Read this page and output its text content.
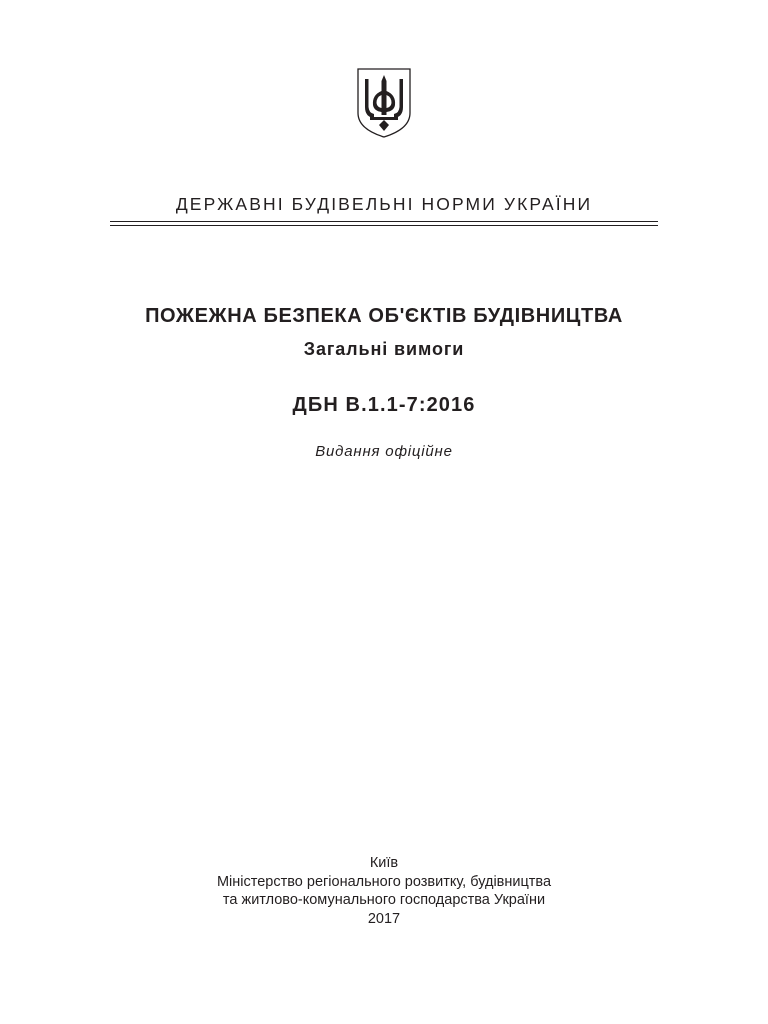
ДЕРЖАВНІ БУДІВЕЛЬНІ НОРМИ УКРАЇНИ
ПОЖЕЖНА БЕЗПЕКА ОБ'ЄКТІВ БУДІВНИЦТВА
Загальні вимоги
ДБН В.1.1-7:2016
Видання офіційне
Київ
Міністерство регіонального розвитку, будівництва
та житлово-комунального господарства України
2017
